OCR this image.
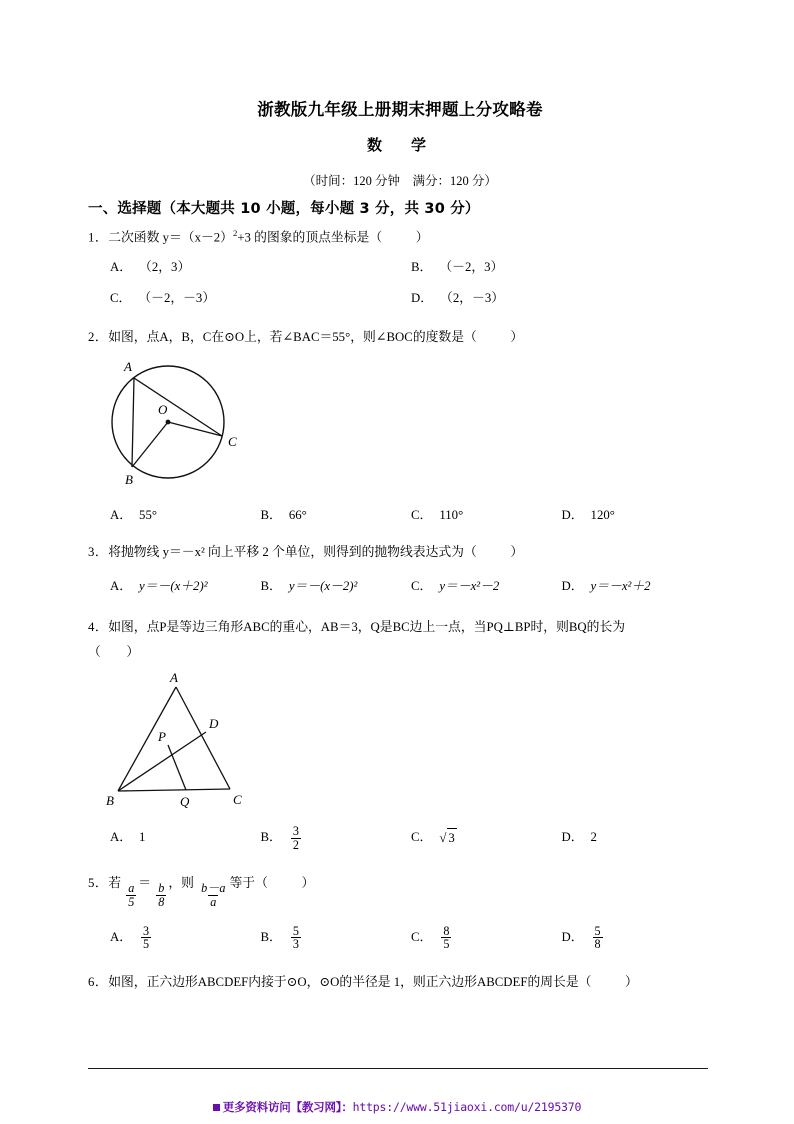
浙教版九年级上册期末押题上分攻略卷
数　学
（时间：120 分钟　满分：120 分）
一、选择题（本大题共 10 小题，每小题 3 分，共 30 分）
1．二次函数 $y=(x-2)^2+3$ 的图象的顶点坐标是（　　	）
A． （2，3）	B． （－2，3）
C． （－2，－3）	D． （2，－3）
2．如图，点A，B，C在⊙O上，若∠BAC＝55°，则∠BOC的度数是（　　	）
A
B
C
O
A． 55°	B． 66°	C． 110°	D． 120°
3．将抛物线 y＝－x² 向上平移 2 个单位，则得到的抛物线表达式为（　　	）
A． y＝－(x＋2)²	B． y＝－(x－2)²	C． y＝－x²－2	D． y＝－x²＋2
4．如图，点P是等边三角形ABC的重心，AB＝3，Q是BC边上一点，当PQ⊥BP时，则BQ的长为
（　　）
A
B	C
D
P
Q
A． 1	B． $\frac{3}{2}$	C． √ 3	D． 2
5．若 $\frac{a}{5} = \frac{b}{8}$ ，则 $\frac{b-a}{a}$ 等于（　　	）
A． $\frac{3}{5}$	B． $\frac{5}{3}$	C． $\frac{8}{5}$	D． $\frac{5}{8}$
6．如图，正六边形ABCDEF内接于⊙O，⊙O的半径是 1，则正六边形ABCDEF的周长是（　　	）
更多资料访问【教习网】：https://www.51jiaoxi.com/u/2195370
